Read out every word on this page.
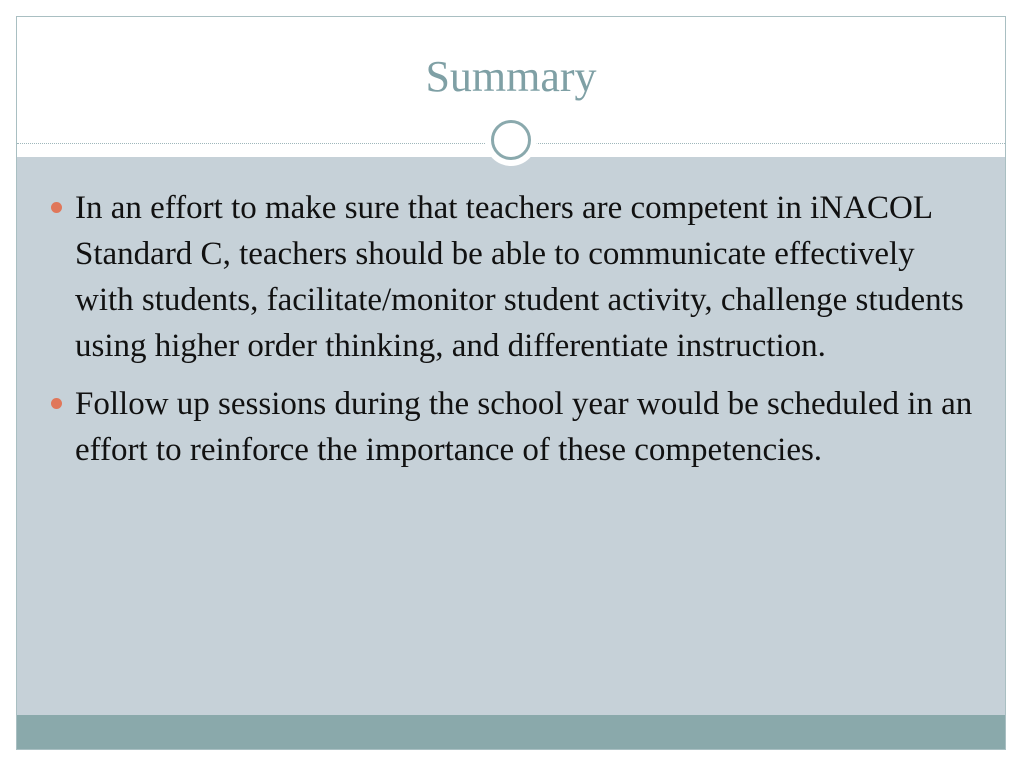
Summary
In an effort to make sure that teachers are competent in iNACOL Standard C, teachers should be able to communicate effectively with students, facilitate/monitor student activity, challenge students using higher order thinking, and differentiate instruction.
Follow up sessions during the school year would be scheduled in an effort to reinforce the importance of these competencies.
